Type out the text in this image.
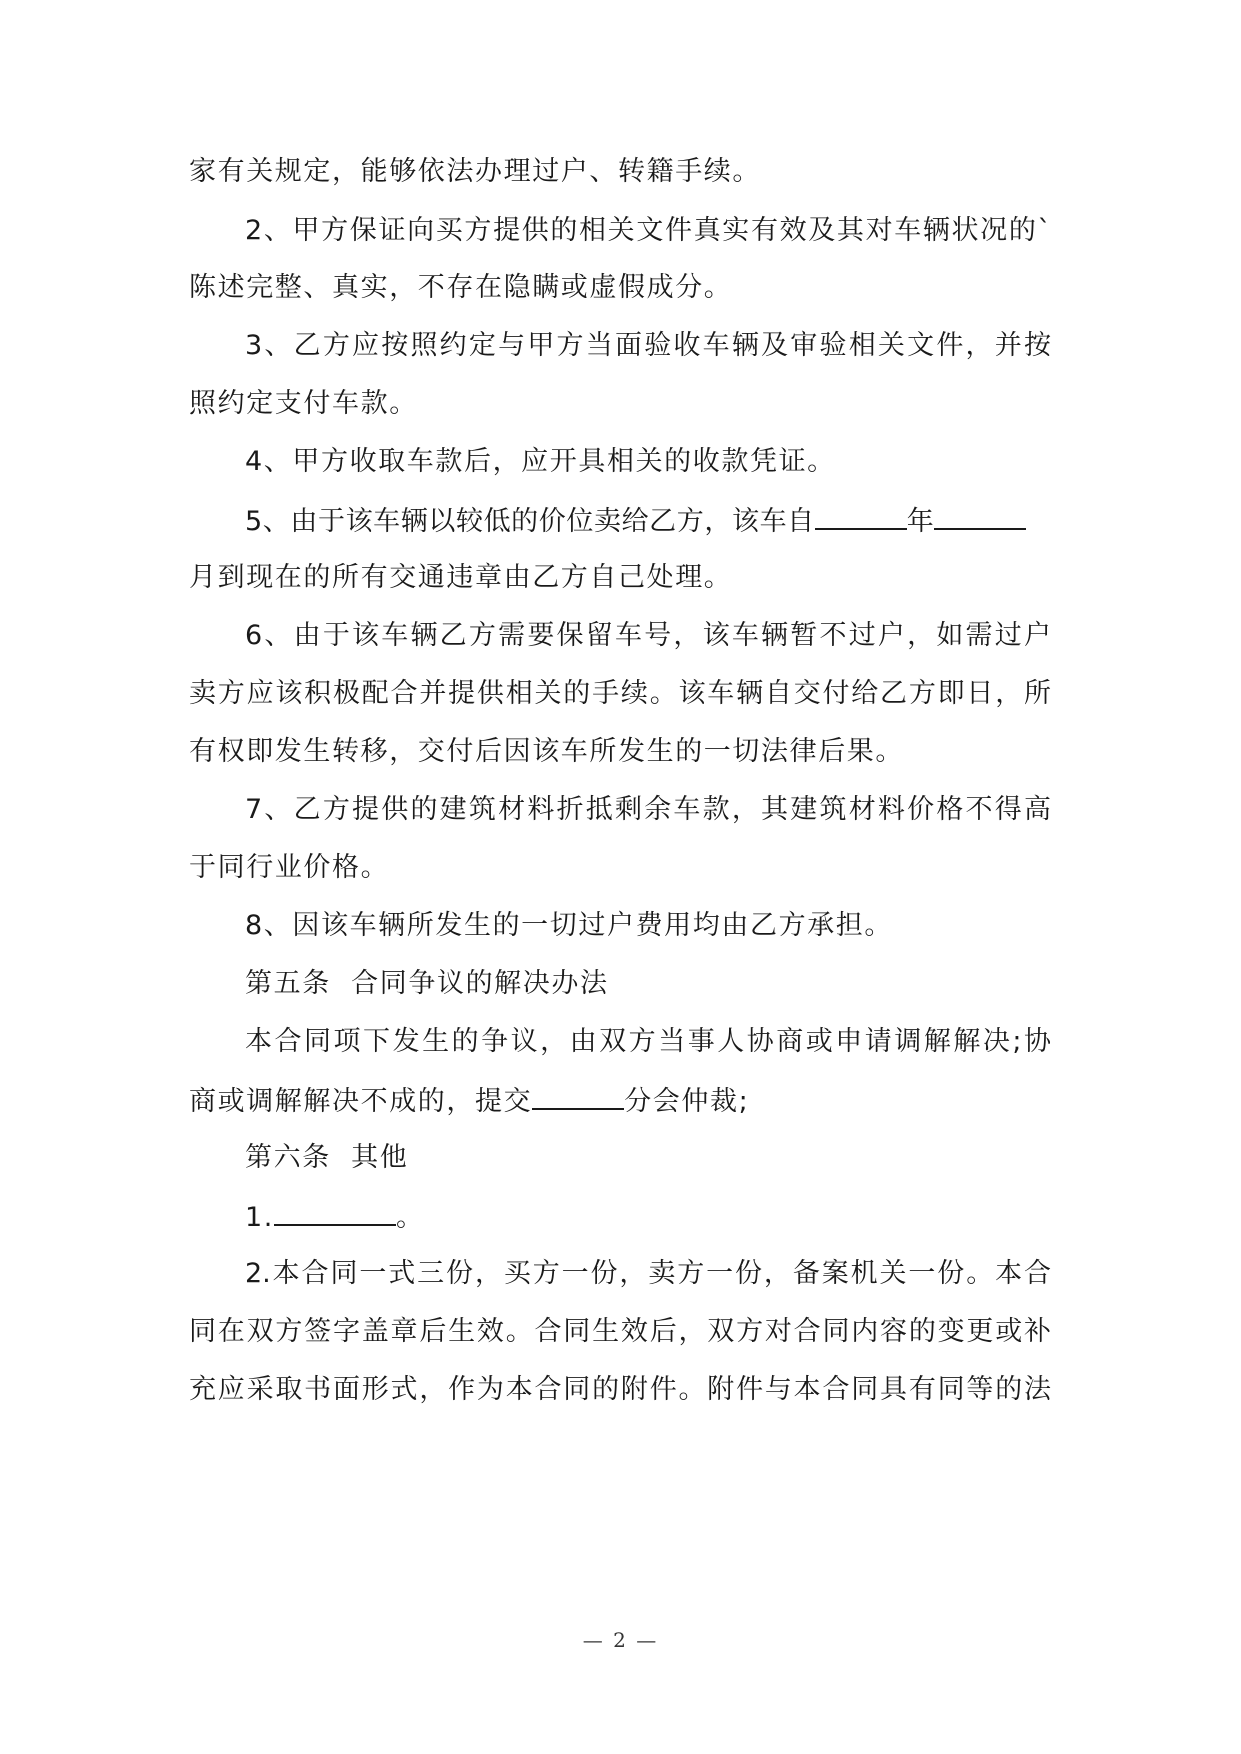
家有关规定，能够依法办理过户、转籍手续。
2、甲方保证向买方提供的相关文件真实有效及其对车辆状况的`
陈述完整、真实，不存在隐瞒或虚假成分。
3、乙方应按照约定与甲方当面验收车辆及审验相关文件，并按
照约定支付车款。
4、甲方收取车款后，应开具相关的收款凭证。
5、由于该车辆以较低的价位卖给乙方，该车自	年
月到现在的所有交通违章由乙方自己处理。
6、由于该车辆乙方需要保留车号，该车辆暂不过户，如需过户
卖方应该积极配合并提供相关的手续。该车辆自交付给乙方即日，所
有权即发生转移，交付后因该车所发生的一切法律后果。
7、乙方提供的建筑材料折抵剩余车款，其建筑材料价格不得高
于同行业价格。
8、因该车辆所发生的一切过户费用均由乙方承担。
第五条  合同争议的解决办法
本合同项下发生的争议，由双方当事人协商或申请调解解决;协
商或调解解决不成的，提交	分会仲裁;
第六条  其他
1.	。
2.本合同一式三份，买方一份，卖方一份，备案机关一份。本合
同在双方签字盖章后生效。合同生效后，双方对合同内容的变更或补
充应采取书面形式，作为本合同的附件。附件与本合同具有同等的法
— 2 —
